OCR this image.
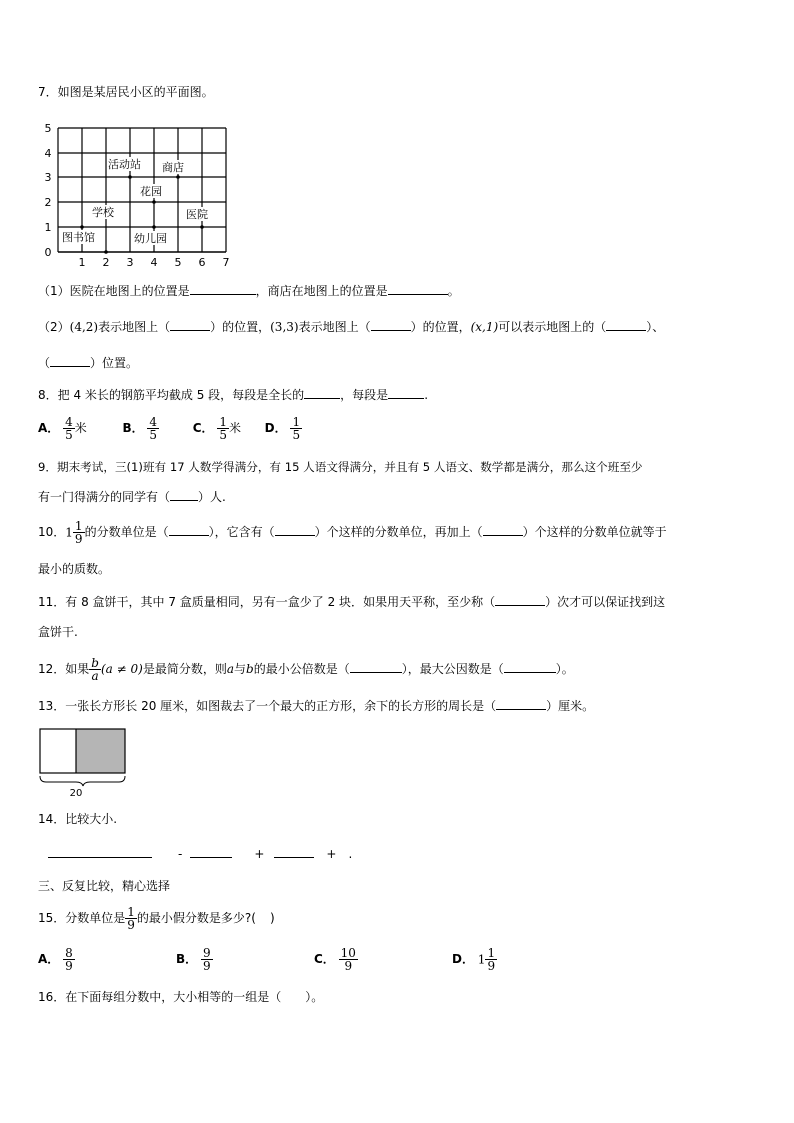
7．如图是某居民小区的平面图。
5
4
3
2
1
0
1 2 3 4 5 6 7
活动站 商店
花园
学校	医院
图书馆	幼儿园
（1）医院在地图上的位置是	，商店在地图上的位置是	。
（2）(4,2)表示地图上（	）的位置，(3,3)表示地图上（	）的位置，(x,1)可以表示地图上的（	）、
（	）位置。
8．把 4 米长的钢筋平均截成 5 段，每段是全长的	，每段是	.
A． $\frac{4}{5}$ 米	B． $\frac{4}{5}$	C． $\frac{1}{5}$ 米 D． $\frac{1}{5}$
9．期末考试，三(1)班有 17 人数学得满分，有 15 人语文得满分，并且有 5 人语文、数学都是满分，那么这个班至少
有一门得满分的同学有（ ）人.
10．$1 \frac{1}{9}$ 的分数单位是（	），它含有（	）个这样的分数单位，再加上（	）个这样的分数单位就等于
最小的质数。
11．有 8 盒饼干，其中 7 盒质量相同，另有一盒少了 2 块．如果用天平称，至少称（	）次才可以保证找到这
盒饼干.
12．如果 $\frac{b}{a} (a \ne 0)$是最简分数，则a与b的最小公倍数是（	），最大公因数是（	）。
13．一张长方形长 20 厘米，如图裁去了一个最大的正方形，余下的长方形的周长是（	）厘米。
20
14．比较大小.
-	+	+ .
三、反复比较，精心选择
15．分数单位是 $\frac{1}{9}$ 的最小假分数是多少?( )
A． $\frac{8}{9}$	B． $\frac{9}{9}$	C． $\frac{10}{9}$	D． $1 \frac{1}{9}$
16．在下面每组分数中，大小相等的一组是（　　）。
